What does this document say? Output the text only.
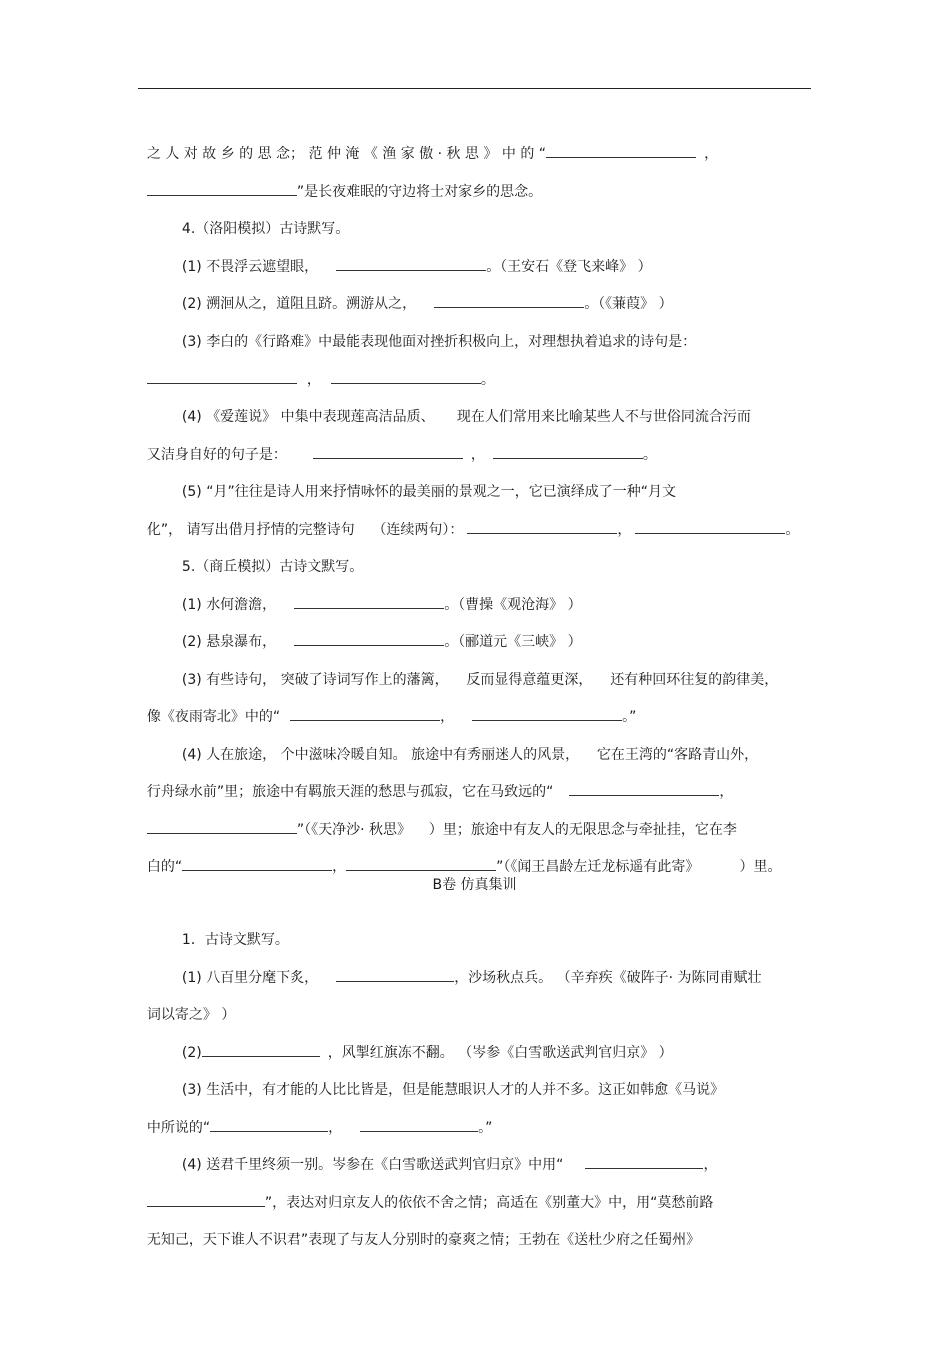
之 人 对 故 乡 的 思 念； 范 仲 淹 《 渔 家 傲 · 秋 思 》 中 的 “	，

”是长夜难眠的守边将士对家乡的思念。

4.（洛阳模拟）古诗默写。

(1) 不畏浮云遮望眼，	。（王安石《登飞来峰》 ）

(2) 溯洄从之，道阻且跻。溯游从之，	。（《蒹葭》 ）

(3) 李白的《行路难》中最能表现他面对挫折积极向上，对理想执着追求的诗句是：

，	。

(4) 《爱莲说》 中集中表现莲高洁品质、     现在人们常用来比喻某些人不与世俗同流合污而

又洁身自好的句子是：	，	。

(5) “月”往往是诗人用来抒情咏怀的最美丽的景观之一，它已演绎成了一种“月文

化”， 请写出借月抒情的完整诗句    （连续两句）：	，	。

5.（商丘模拟）古诗文默写。

(1) 水何澹澹，	。（曹操《观沧海》 ）

(2) 悬泉瀑布，	。（郦道元《三峡》 ）

(3) 有些诗句， 突破了诗词写作上的藩篱，    反而显得意蕴更深，    还有种回环往复的韵律美，

像《夜雨寄北》中的“	，	。”

(4) 人在旅途， 个中滋味冷暖自知。 旅途中有秀丽迷人的风景，    它在王湾的“客路青山外，

行舟绿水前”里；旅途中有羁旅天涯的愁思与孤寂，它在马致远的“	，

”（《天净沙· 秋思》    ）里；旅途中有友人的无限思念与牵扯挂，它在李

白的“	，	”（《闻王昌龄左迁龙标遥有此寄》         ）里。

B卷 仿真集训

1．古诗文默写。

(1) 八百里分麾下炙，	，沙场秋点兵。 （辛弃疾《破阵子· 为陈同甫赋壮

词以寄之》 ）

(2)	，风掣红旗冻不翻。 （岑参《白雪歌送武判官归京》 ）

(3) 生活中，有才能的人比比皆是，但是能慧眼识人才的人并不多。这正如韩愈《马说》

中所说的“	，	。”

(4) 送君千里终须一别。岑参在《白雪歌送武判官归京》中用“	，

”，表达对归京友人的依依不舍之情；高适在《别董大》中，用“莫愁前路

无知己，天下谁人不识君”表现了与友人分别时的豪爽之情；王勃在《送杜少府之任蜀州》
